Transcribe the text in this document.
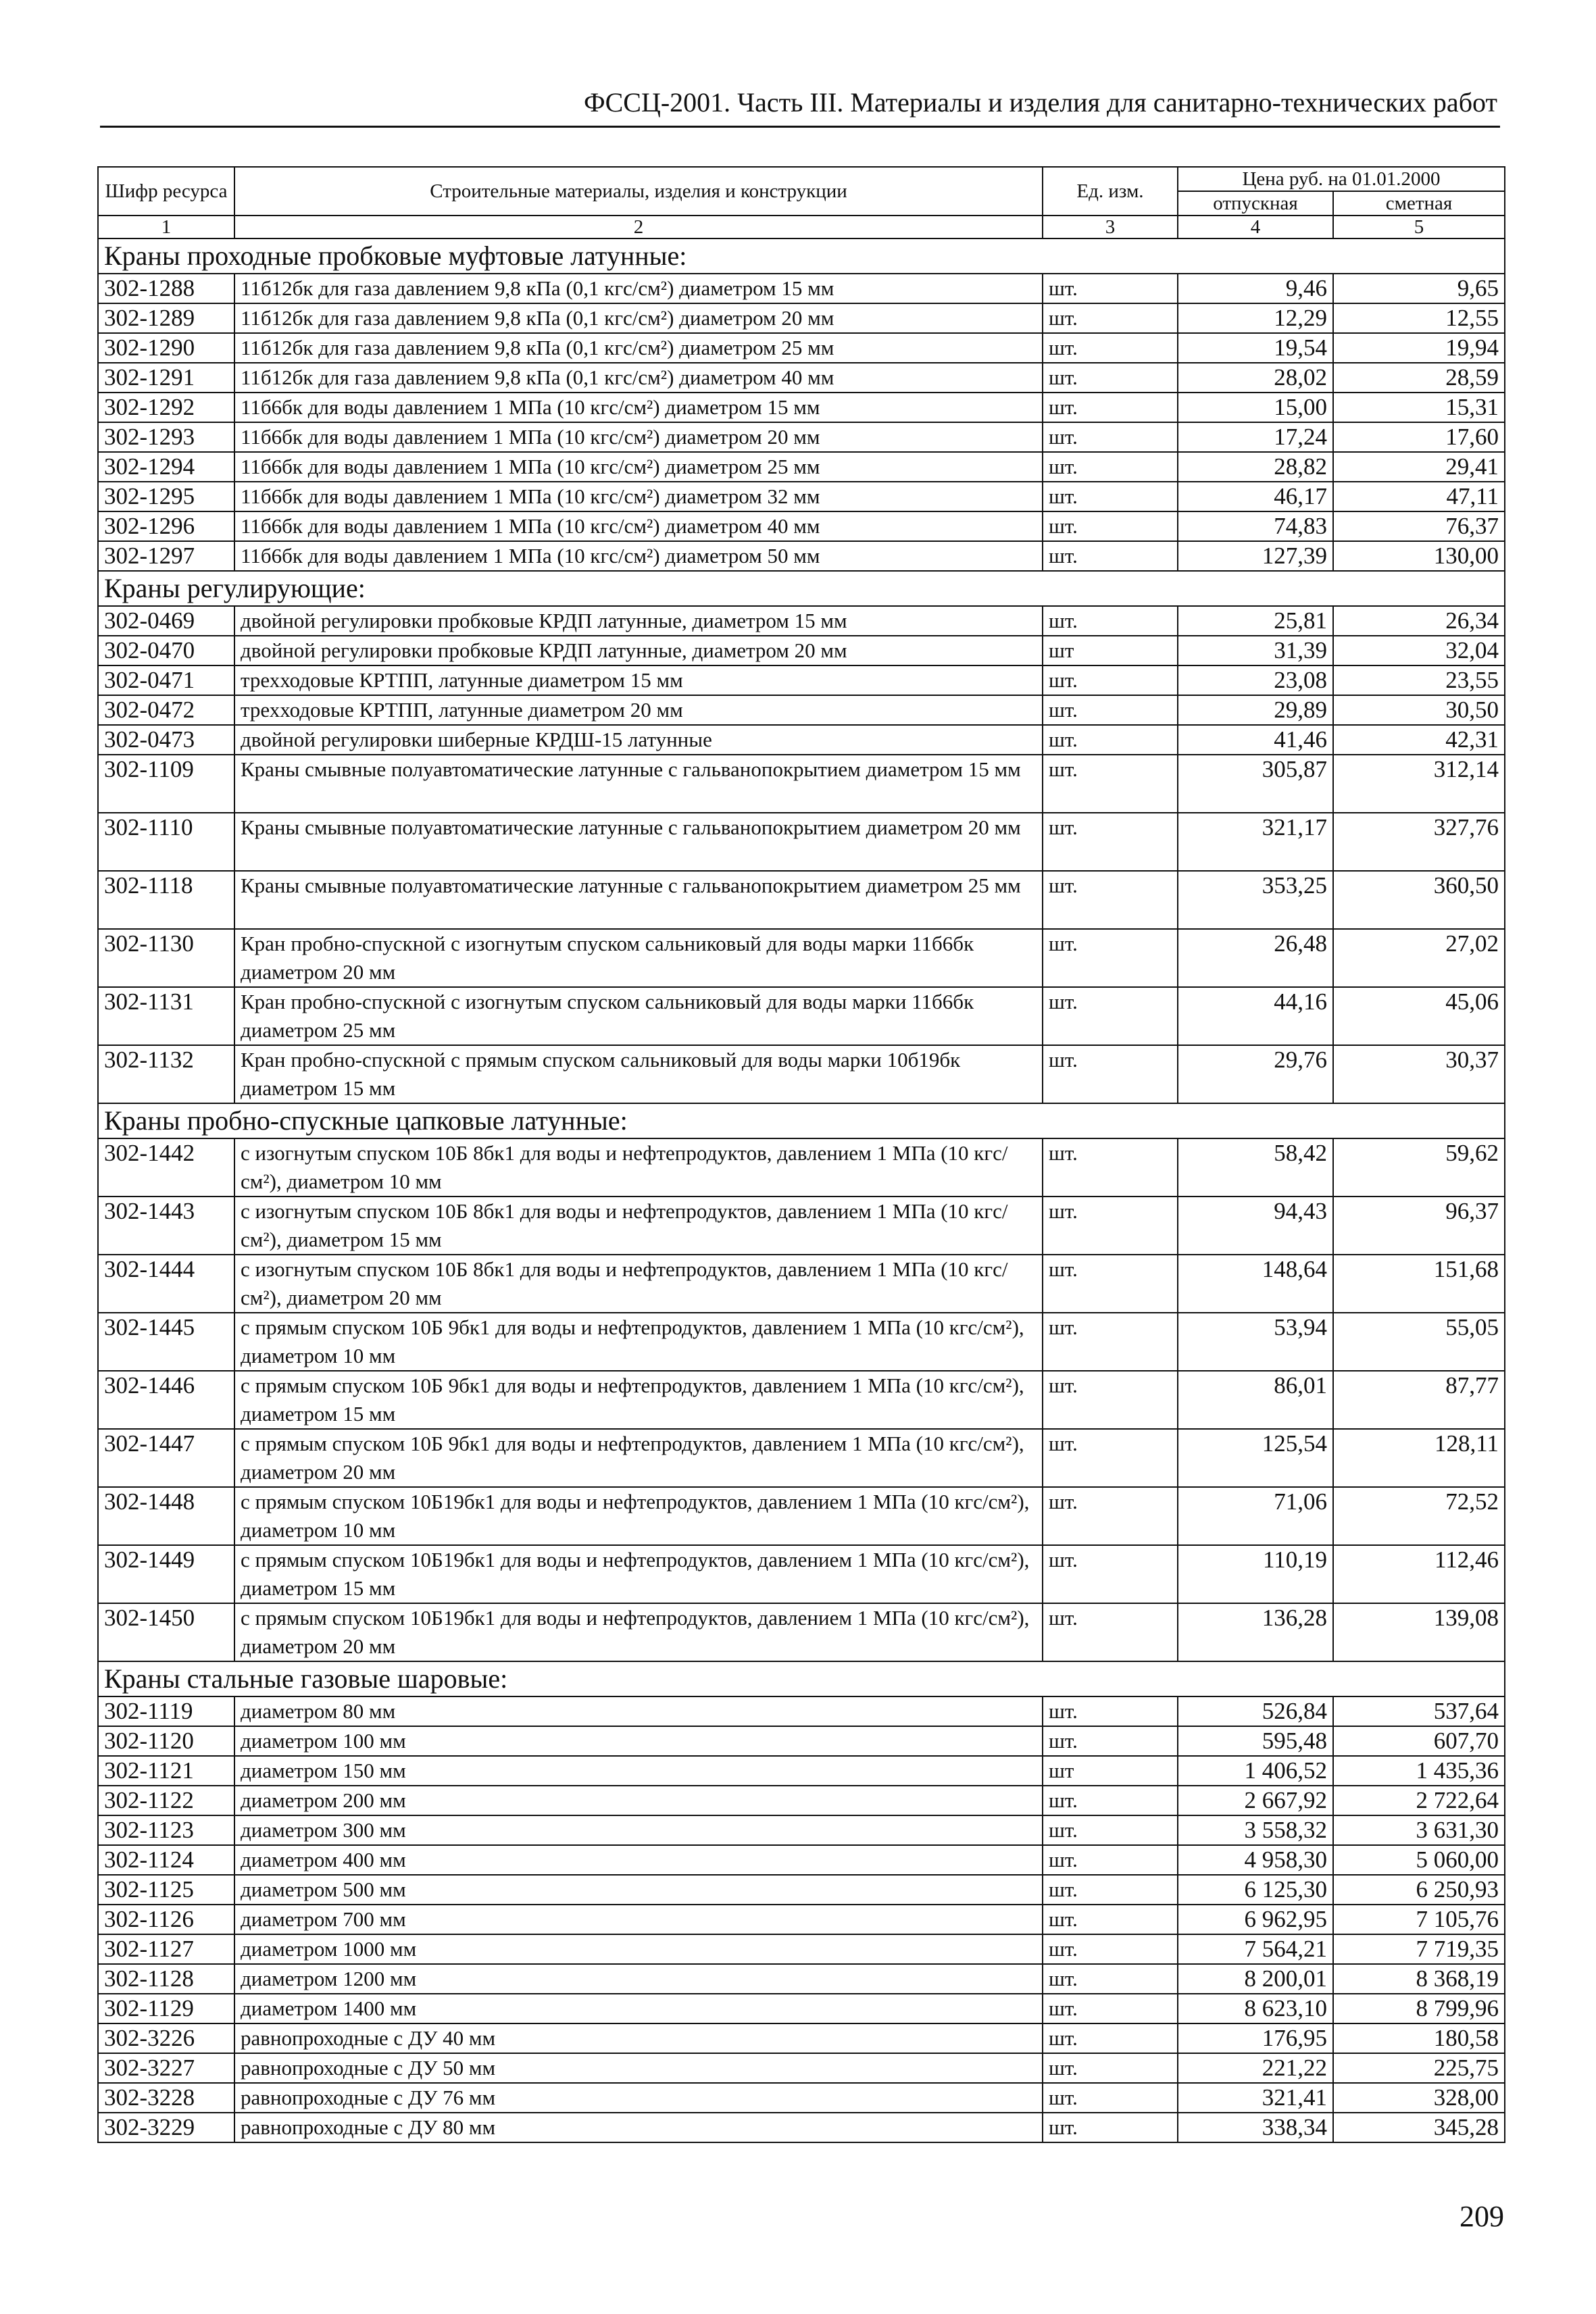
ФССЦ-2001. Часть III. Материалы и изделия для санитарно-технических работ
Шифр ресурса	Строительные материалы, изделия и конструкции	Ед. изм.	Цена руб. на 01.01.2000	
			отпускная	сметная
1	2	3	4	5
Краны проходные пробковые муфтовые латунные:				
302-1288	11б12бк для газа давлением 9,8 кПа (0,1 кгс/см²) диаметром 15 мм	шт.	9,46	9,65
302-1289	11б12бк для газа давлением 9,8 кПа (0,1 кгс/см²) диаметром 20 мм	шт.	12,29	12,55
302-1290	11б12бк для газа давлением 9,8 кПа (0,1 кгс/см²) диаметром 25 мм	шт.	19,54	19,94
302-1291	11б12бк для газа давлением 9,8 кПа (0,1 кгс/см²) диаметром 40 мм	шт.	28,02	28,59
302-1292	11б6бк для воды давлением 1 МПа (10 кгс/см²) диаметром 15 мм	шт.	15,00	15,31
302-1293	11б6бк для воды давлением 1 МПа (10 кгс/см²) диаметром 20 мм	шт.	17,24	17,60
302-1294	11б6бк для воды давлением 1 МПа (10 кгс/см²) диаметром 25 мм	шт.	28,82	29,41
302-1295	11б6бк для воды давлением 1 МПа (10 кгс/см²) диаметром 32 мм	шт.	46,17	47,11
302-1296	11б6бк для воды давлением 1 МПа (10 кгс/см²) диаметром 40 мм	шт.	74,83	76,37
302-1297	11б6бк для воды давлением 1 МПа (10 кгс/см²) диаметром 50 мм	шт.	127,39	130,00
Краны регулирующие:				
302-0469	двойной регулировки пробковые КРДП латунные, диаметром 15 мм	шт.	25,81	26,34
302-0470	двойной регулировки пробковые КРДП латунные, диаметром 20 мм	шт	31,39	32,04
302-0471	трехходовые КРТПП, латунные диаметром 15 мм	шт.	23,08	23,55
302-0472	трехходовые КРТПП, латунные диаметром 20 мм	шт.	29,89	30,50
302-0473	двойной регулировки шиберные КРДШ-15 латунные	шт.	41,46	42,31
302-1109	Краны смывные полуавтоматические латунные с гальванопокрытием диаметром 15 мм	шт.	305,87	312,14
302-1110	Краны смывные полуавтоматические латунные с гальванопокрытием диаметром 20 мм	шт.	321,17	327,76
302-1118	Краны смывные полуавтоматические латунные с гальванопокрытием диаметром 25 мм	шт.	353,25	360,50
302-1130	Кран пробно-спускной с изогнутым спуском сальниковый для воды марки 11б6бк диаметром 20 мм	шт.	26,48	27,02
302-1131	Кран пробно-спускной с изогнутым спуском сальниковый для воды марки 11б6бк диаметром 25 мм	шт.	44,16	45,06
302-1132	Кран пробно-спускной с прямым спуском сальниковый для воды марки 10б19бк диаметром 15 мм	шт.	29,76	30,37
Краны пробно-спускные цапковые латунные:				
302-1442	с изогнутым спуском 10Б 8бк1 для воды и нефтепродуктов, давлением 1 МПа (10 кгс/см²), диаметром 10 мм	шт.	58,42	59,62
302-1443	с изогнутым спуском 10Б 8бк1 для воды и нефтепродуктов, давлением 1 МПа (10 кгс/см²), диаметром 15 мм	шт.	94,43	96,37
302-1444	с изогнутым спуском 10Б 8бк1 для воды и нефтепродуктов, давлением 1 МПа (10 кгс/см²), диаметром 20 мм	шт.	148,64	151,68
302-1445	с прямым спуском 10Б 9бк1 для воды и нефтепродуктов, давлением 1 МПа (10 кгс/см²), диаметром 10 мм	шт.	53,94	55,05
302-1446	с прямым спуском 10Б 9бк1 для воды и нефтепродуктов, давлением 1 МПа (10 кгс/см²), диаметром 15 мм	шт.	86,01	87,77
302-1447	с прямым спуском 10Б 9бк1 для воды и нефтепродуктов, давлением 1 МПа (10 кгс/см²), диаметром 20 мм	шт.	125,54	128,11
302-1448	с прямым спуском 10Б19бк1 для воды и нефтепродуктов, давлением 1 МПа (10 кгс/см²), диаметром 10 мм	шт.	71,06	72,52
302-1449	с прямым спуском 10Б19бк1 для воды и нефтепродуктов, давлением 1 МПа (10 кгс/см²), диаметром 15 мм	шт.	110,19	112,46
302-1450	с прямым спуском 10Б19бк1 для воды и нефтепродуктов, давлением 1 МПа (10 кгс/см²), диаметром 20 мм	шт.	136,28	139,08
Краны стальные газовые шаровые:				
302-1119	диаметром 80 мм	шт.	526,84	537,64
302-1120	диаметром 100 мм	шт.	595,48	607,70
302-1121	диаметром 150 мм	шт	1 406,52	1 435,36
302-1122	диаметром 200 мм	шт.	2 667,92	2 722,64
302-1123	диаметром 300 мм	шт.	3 558,32	3 631,30
302-1124	диаметром 400 мм	шт.	4 958,30	5 060,00
302-1125	диаметром 500 мм	шт.	6 125,30	6 250,93
302-1126	диаметром 700 мм	шт.	6 962,95	7 105,76
302-1127	диаметром 1000 мм	шт.	7 564,21	7 719,35
302-1128	диаметром 1200 мм	шт.	8 200,01	8 368,19
302-1129	диаметром 1400 мм	шт.	8 623,10	8 799,96
302-3226	равнопроходные с ДУ 40 мм	шт.	176,95	180,58
302-3227	равнопроходные с ДУ 50 мм	шт.	221,22	225,75
302-3228	равнопроходные с ДУ 76 мм	шт.	321,41	328,00
302-3229	равнопроходные с ДУ 80 мм	шт.	338,34	345,28
209
